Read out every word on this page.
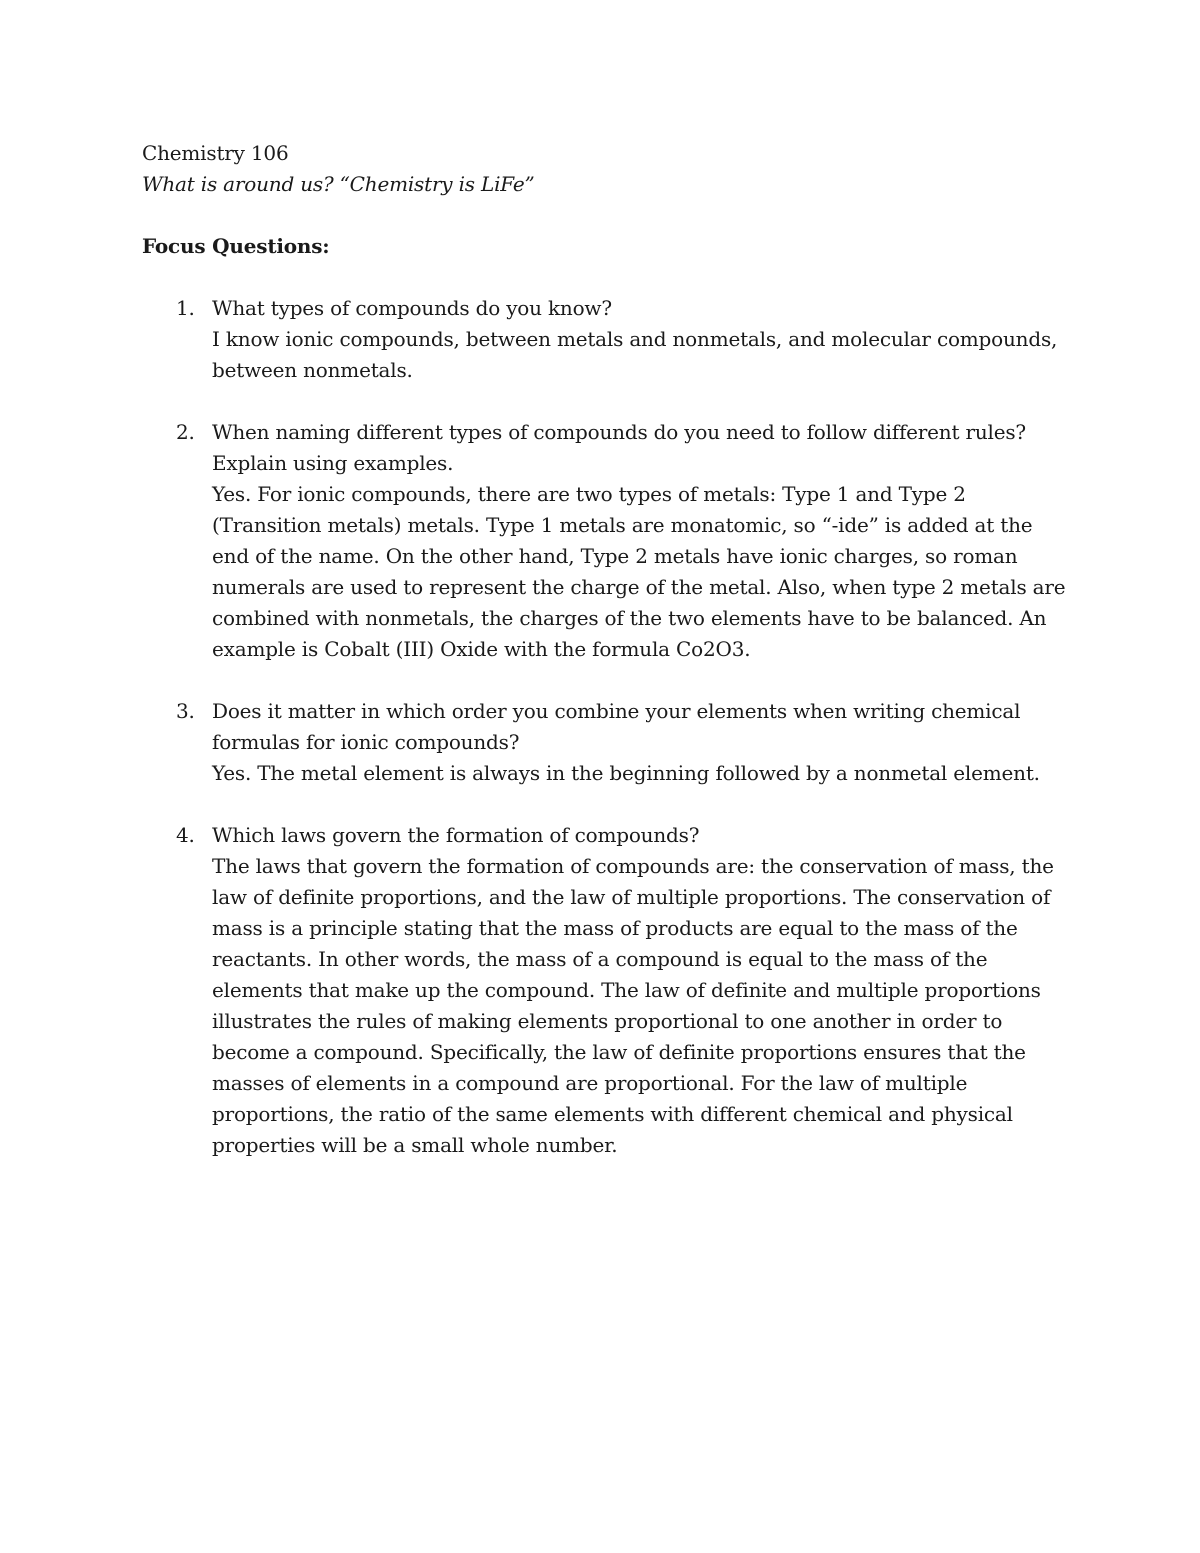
Chemistry 106

What is around us? “Chemistry is LiFe”

Focus Questions:

1. What types of compounds do you know?

I know ionic compounds, between metals and nonmetals, and molecular compounds, between nonmetals.

2. When naming different types of compounds do you need to follow different rules? Explain using examples.

Yes. For ionic compounds, there are two types of metals: Type 1 and Type 2 (Transition metals) metals. Type 1 metals are monatomic, so “-ide” is added at the end of the name. On the other hand, Type 2 metals have ionic charges, so roman numerals are used to represent the charge of the metal. Also, when type 2 metals are combined with nonmetals, the charges of the two elements have to be balanced. An example is Cobalt (III) Oxide with the formula Co2O3.

3. Does it matter in which order you combine your elements when writing chemical formulas for ionic compounds?

Yes. The metal element is always in the beginning followed by a nonmetal element.

4. Which laws govern the formation of compounds?

The laws that govern the formation of compounds are: the conservation of mass, the law of definite proportions, and the law of multiple proportions. The conservation of mass is a principle stating that the mass of products are equal to the mass of the reactants. In other words, the mass of a compound is equal to the mass of the elements that make up the compound. The law of definite and multiple proportions illustrates the rules of making elements proportional to one another in order to become a compound. Specifically, the law of definite proportions ensures that the masses of elements in a compound are proportional. For the law of multiple proportions, the ratio of the same elements with different chemical and physical properties will be a small whole number.
